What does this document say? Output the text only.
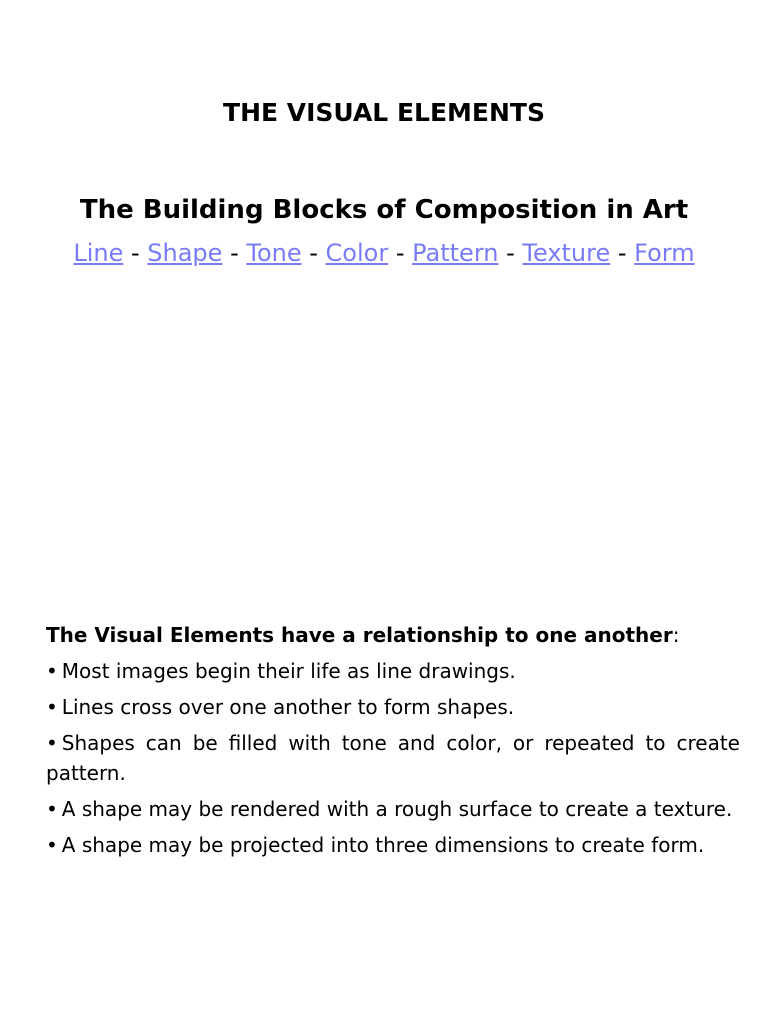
THE VISUAL ELEMENTS
The Building Blocks of Composition in Art
Line - Shape - Tone - Color - Pattern - Texture - Form

The Visual Elements have a relationship to one another:

• Most images begin their life as line drawings.

• Lines cross over one another to form shapes.

• Shapes can be filled with tone and color, or repeated to create pattern.

• A shape may be rendered with a rough surface to create a texture.

• A shape may be projected into three dimensions to create form.
